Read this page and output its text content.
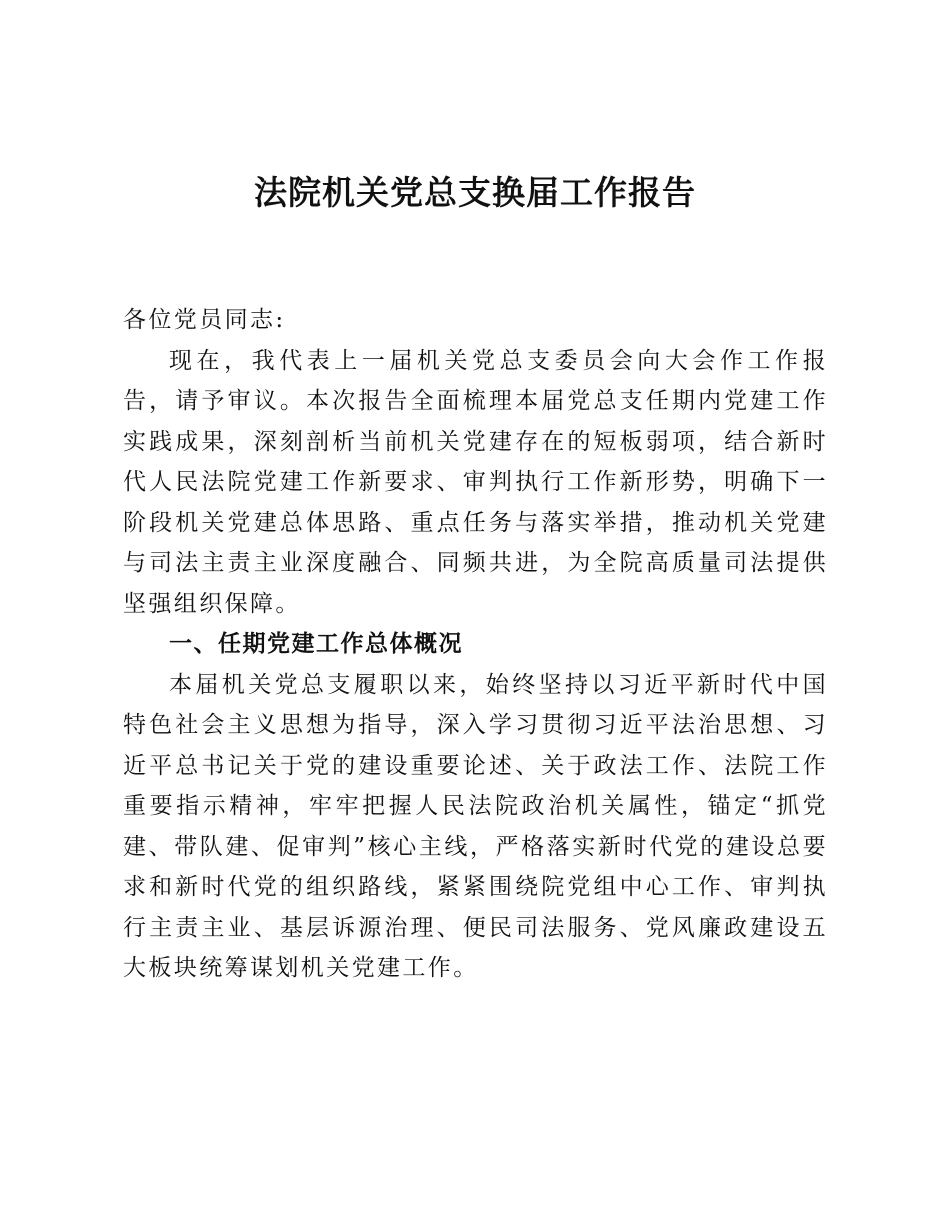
法院机关党总支换届工作报告

各位党员同志:

现在，我代表上一届机关党总支委员会向大会作工作报告，请予审议。本次报告全面梳理本届党总支任期内党建工作实践成果，深刻剖析当前机关党建存在的短板弱项，结合新时代人民法院党建工作新要求、审判执行工作新形势，明确下一阶段机关党建总体思路、重点任务与落实举措，推动机关党建与司法主责主业深度融合、同频共进，为全院高质量司法提供坚强组织保障。

一、任期党建工作总体概况

本届机关党总支履职以来，始终坚持以习近平新时代中国特色社会主义思想为指导，深入学习贯彻习近平法治思想、习近平总书记关于党的建设重要论述、关于政法工作、法院工作重要指示精神，牢牢把握人民法院政治机关属性，锚定“抓党建、带队建、促审判”核心主线，严格落实新时代党的建设总要求和新时代党的组织路线，紧紧围绕院党组中心工作、审判执行主责主业、基层诉源治理、便民司法服务、党风廉政建设五大板块统筹谋划机关党建工作。
